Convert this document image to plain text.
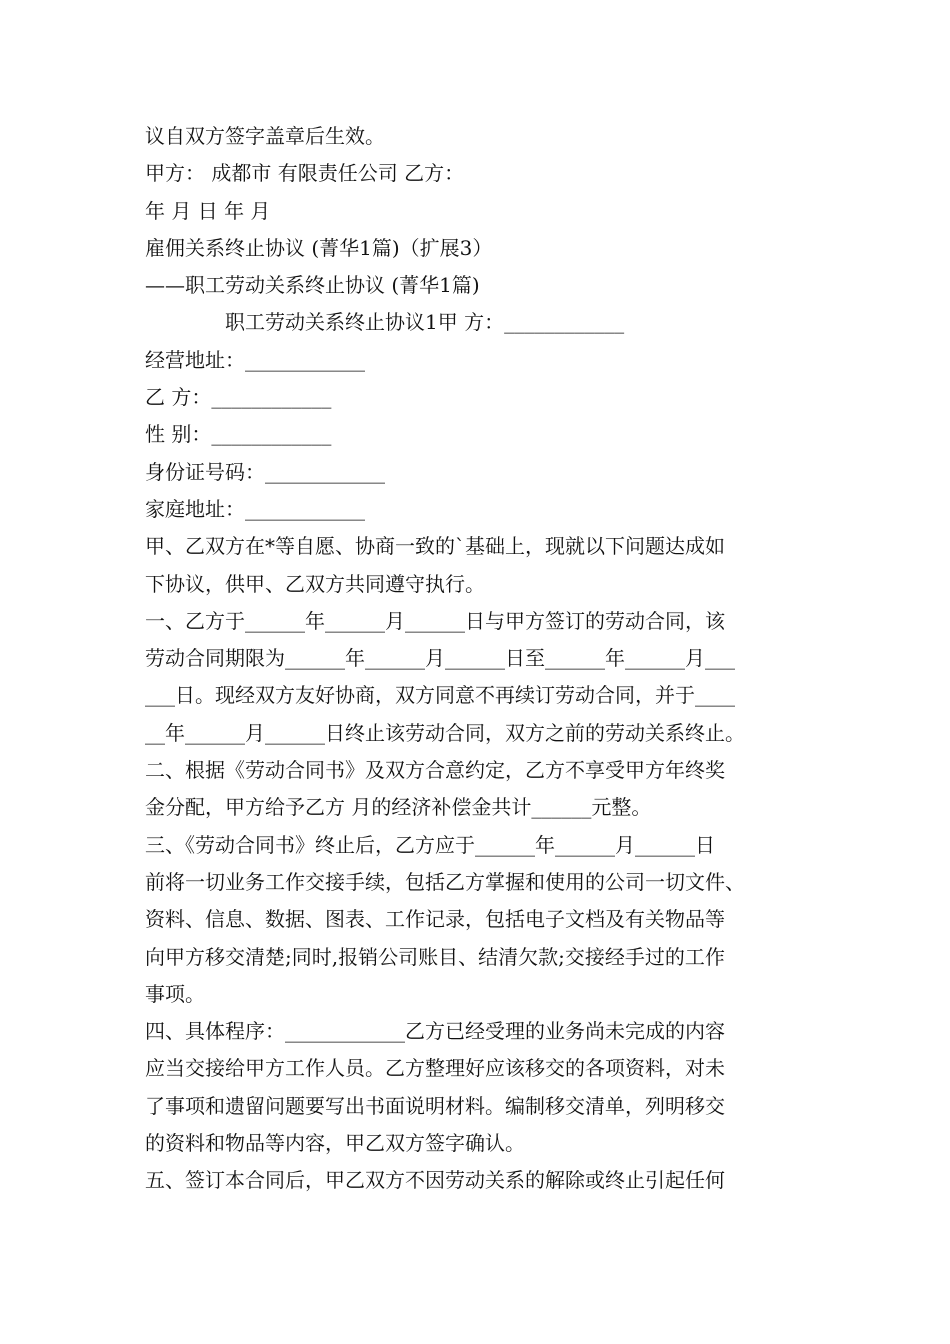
议自双方签字盖章后生效。
甲方： 成都市 有限责任公司 乙方：
年 月 日 年 月
雇佣关系终止协议 (菁华1篇)（扩展3）
——职工劳动关系终止协议 (菁华1篇)
职工劳动关系终止协议1甲 方：____________
经营地址：____________
乙 方：____________
性 别：____________
身份证号码：____________
家庭地址：____________
甲、乙双方在*等自愿、协商一致的`基础上，现就以下问题达成如
下协议，供甲、乙双方共同遵守执行。
一、乙方于______年______月______日与甲方签订的劳动合同，该
劳动合同期限为______年______月______日至______年______月___
___日。现经双方友好协商，双方同意不再续订劳动合同，并于____
__年______月______日终止该劳动合同，双方之前的劳动关系终止。
二、根据《劳动合同书》及双方合意约定，乙方不享受甲方年终奖
金分配，甲方给予乙方 月的经济补偿金共计______元整。
三、《劳动合同书》终止后，乙方应于______年______月______日
前将一切业务工作交接手续，包括乙方掌握和使用的公司一切文件、
资料、信息、数据、图表、工作记录，包括电子文档及有关物品等
向甲方移交清楚;同时,报销公司账目、结清欠款;交接经手过的工作
事项。
四、具体程序：____________乙方已经受理的业务尚未完成的内容
应当交接给甲方工作人员。乙方整理好应该移交的各项资料，对未
了事项和遗留问题要写出书面说明材料。编制移交清单，列明移交
的资料和物品等内容，甲乙双方签字确认。
五、签订本合同后，甲乙双方不因劳动关系的解除或终止引起任何
